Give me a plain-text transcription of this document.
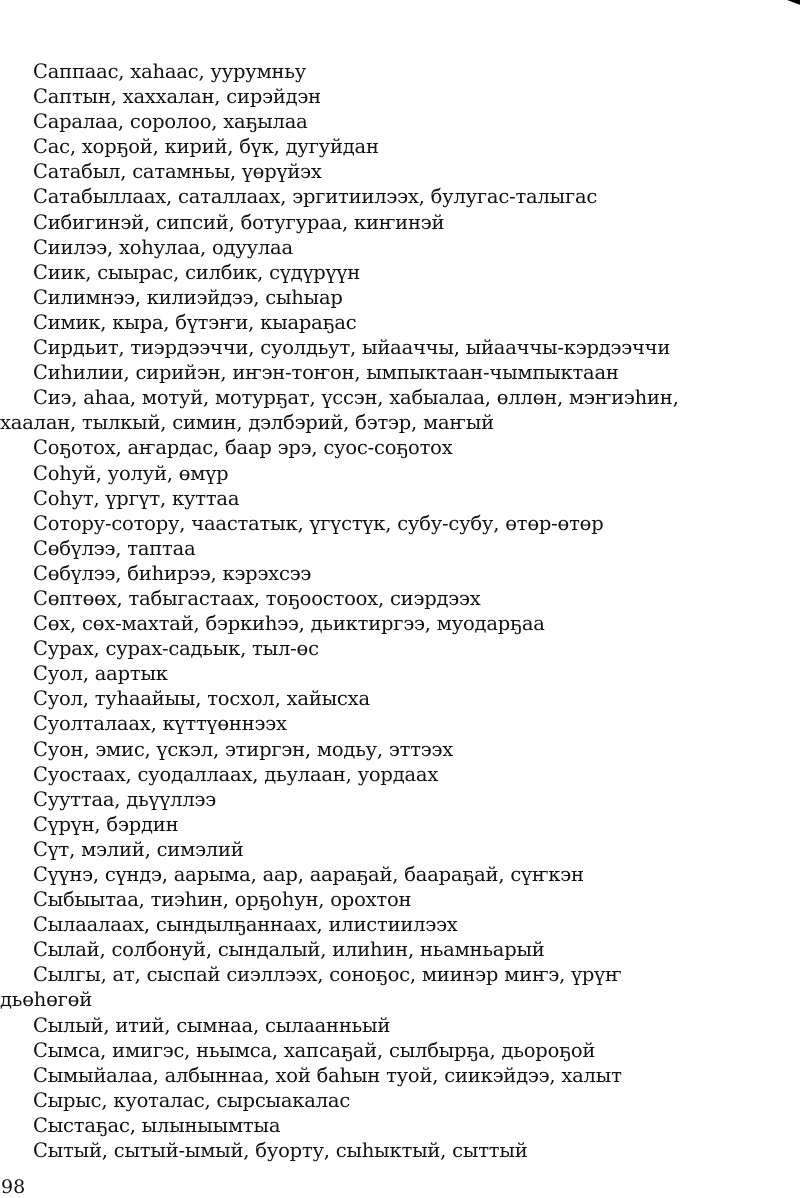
Саппаас, хаhаас, уурумньу
Саптын, хаххалан, сирэйдэн
Саралаа, соролоо, хаҕылаа
Сас, хорҕой, кирий, бүк, дугуйдан
Сатабыл, сатамньы, үөрүйэх
Сатабыллаах, саталлаах, эргитиилээх, булугас-талыгас
Сибигинэй, сипсий, ботугураа, киҥинэй
Сиилээ, хоhулаа, одуулаа
Сиик, сыырас, силбик, сүдүрүүн
Силимнээ, килиэйдээ, сыhыар
Симик, кыра, бүтэҥи, кыараҕас
Сирдьит, тиэрдээччи, суолдьут, ыйааччы, ыйааччы-кэрдээччи
Сиhилии, сирийэн, иҥэн-тоҥон, ымпыктаан-чымпыктаан
Сиэ, аhаа, мотуй, мотурҕат, үссэн, хабыалаа, өллөн, мэҥиэhин,
хаалан, тылкый, симин, дэлбэрий, бэтэр, маҥый
Соҕотох, аҥардас, баар эрэ, суос-соҕотох
Соhуй, уолуй, өмүр
Соhут, үргүт, куттаа
Сотору-сотору, чаастатык, үгүстүк, субу-субу, өтөр-өтөр
Сөбүлээ, таптаа
Сөбүлээ, биhирээ, кэрэхсээ
Сөптөөх, табыгастаах, тоҕоостоох, сиэрдээх
Сөх, сөх-махтай, бэркиhээ, дьиктиргээ, муодарҕаа
Сурах, сурах-садьык, тыл-өс
Суол, аартык
Суол, туhаайыы, тосхол, хайысха
Суолталаах, күттүөннээх
Суон, эмис, үскэл, этиргэн, модьу, эттээх
Суостаах, суодаллаах, дьулаан, уордаах
Сууттаа, дьүүллээ
Сүрүн, бэрдин
Сүт, мэлий, симэлий
Сүүнэ, сүндэ, аарыма, аар, аараҕай, баараҕай, сүҥкэн
Сыбыытаа, тиэhин, орҕоhун, орохтон
Сылаалаах, сындылҕаннаах, илистиилээх
Сылай, солбонуй, сындалый, илиhин, ньамньарый
Сылгы, ат, сыспай сиэллээх, соноҕос, миинэр миҥэ, үрүҥ
дьөhөгөй
Сылый, итий, сымнаа, сылаанньый
Сымса, имигэс, ньымса, хапсаҕай, сылбырҕа, дьороҕой
Сымыйалаа, албыннаа, хой баhын туой, сиикэйдээ, халыт
Сырыс, куоталас, сырсыакалас
Сыстаҕас, ылыныымтыа
Сытый, сытый-ымый, буорту, сыhыктый, сыттый
98
